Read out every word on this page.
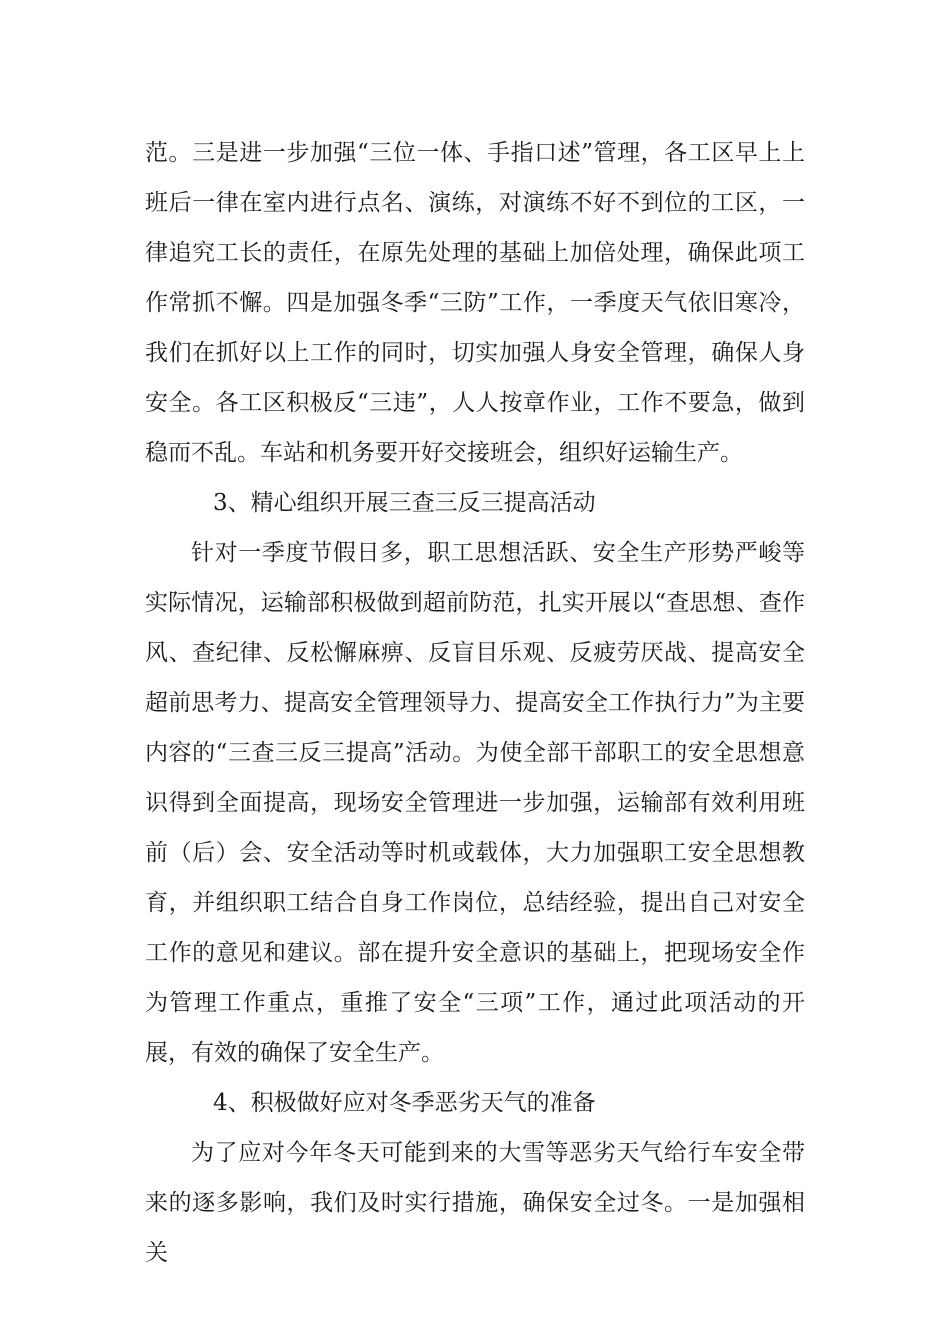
范。三是进一步加强“三位一体、手指口述”管理，各工区早上上班后一律在室内进行点名、演练，对演练不好不到位的工区，一律追究工长的责任，在原先处理的基础上加倍处理，确保此项工作常抓不懈。四是加强冬季“三防”工作，一季度天气依旧寒冷，我们在抓好以上工作的同时，切实加强人身安全管理，确保人身安全。各工区积极反“三违”，人人按章作业，工作不要急，做到稳而不乱。车站和机务要开好交接班会，组织好运输生产。

3、精心组织开展三查三反三提高活动

针对一季度节假日多，职工思想活跃、安全生产形势严峻等实际情况，运输部积极做到超前防范，扎实开展以“查思想、查作风、查纪律、反松懈麻痹、反盲目乐观、反疲劳厌战、提高安全超前思考力、提高安全管理领导力、提高安全工作执行力”为主要内容的“三查三反三提高”活动。为使全部干部职工的安全思想意识得到全面提高，现场安全管理进一步加强，运输部有效利用班前（后）会、安全活动等时机或载体，大力加强职工安全思想教育，并组织职工结合自身工作岗位，总结经验，提出自己对安全工作的意见和建议。部在提升安全意识的基础上，把现场安全作为管理工作重点，重推了安全“三项”工作，通过此项活动的开展，有效的确保了安全生产。

4、积极做好应对冬季恶劣天气的准备

为了应对今年冬天可能到来的大雪等恶劣天气给行车安全带来的逐多影响，我们及时实行措施，确保安全过冬。一是加强相关
